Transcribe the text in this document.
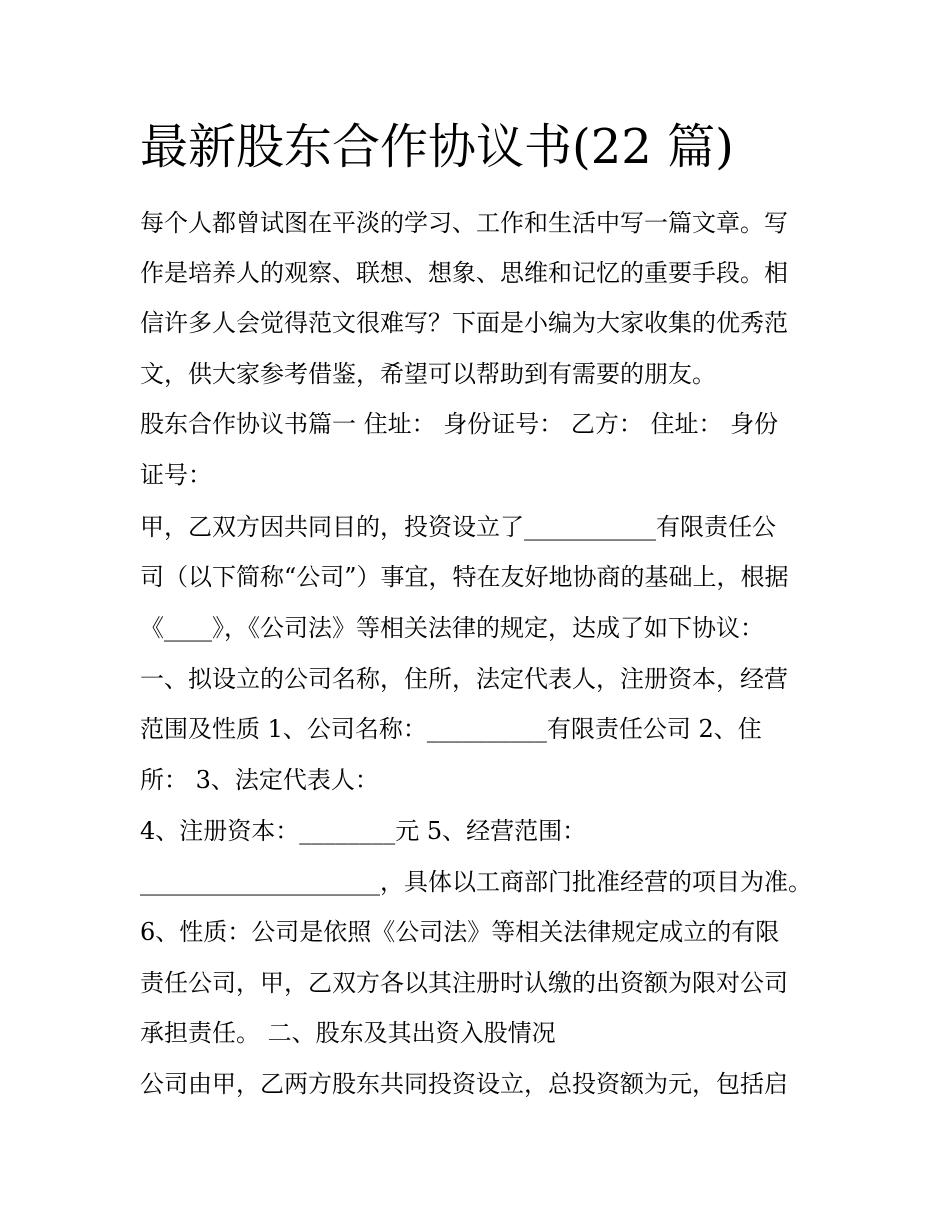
最新股东合作协议书(22 篇)
每个人都曾试图在平淡的学习、工作和生活中写一篇文章。写
作是培养人的观察、联想、想象、思维和记忆的重要手段。相
信许多人会觉得范文很难写？下面是小编为大家收集的优秀范
文，供大家参考借鉴，希望可以帮助到有需要的朋友。
股东合作协议书篇一 住址： 身份证号： 乙方： 住址： 身份
证号：
甲，乙双方因共同目的，投资设立了___________有限责任公
司（以下简称“公司”）事宜，特在友好地协商的基础上，根据
《____》，《公司法》等相关法律的规定，达成了如下协议：
一、拟设立的公司名称，住所，法定代表人，注册资本，经营
范围及性质 1、公司名称：__________有限责任公司 2、住
所： 3、法定代表人：
4、注册资本：________元 5、经营范围：
____________________，具体以工商部门批准经营的项目为准。
6、性质：公司是依照《公司法》等相关法律规定成立的有限
责任公司，甲，乙双方各以其注册时认缴的出资额为限对公司
承担责任。 二、股东及其出资入股情况
公司由甲，乙两方股东共同投资设立，总投资额为元，包括启
